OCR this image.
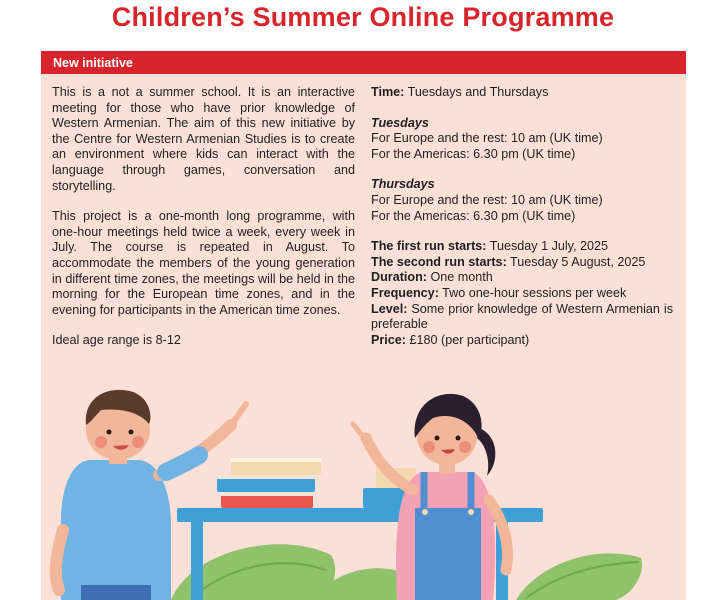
Children’s Summer Online Programme
New initiative

This is a not a summer school. It is an interactive meeting for those who have prior knowledge of Western Armenian. The aim of this new initiative by the Centre for Western Armenian Studies is to create an environment where kids can interact with the language through games, conversation and storytelling.

This project is a one-month long programme, with one-hour meetings held twice a week, every week in July. The course is repeated in August. To accommodate the members of the young generation in different time zones, the meetings will be held in the morning for the European time zones, and in the evening for participants in the American time zones.

Ideal age range is 8-12

Time: Tuesdays and Thursdays
Tuesdays
For Europe and the rest: 10 am (UK time)
For the Americas: 6.30 pm (UK time)
Thursdays
For Europe and the rest: 10 am (UK time)
For the Americas: 6.30 pm (UK time)
The first run starts: Tuesday 1 July, 2025
The second run starts: Tuesday 5 August, 2025
Duration: One month
Frequency: Two one-hour sessions per week
Level: Some prior knowledge of Western Armenian is preferable
Price: £180 (per participant)
